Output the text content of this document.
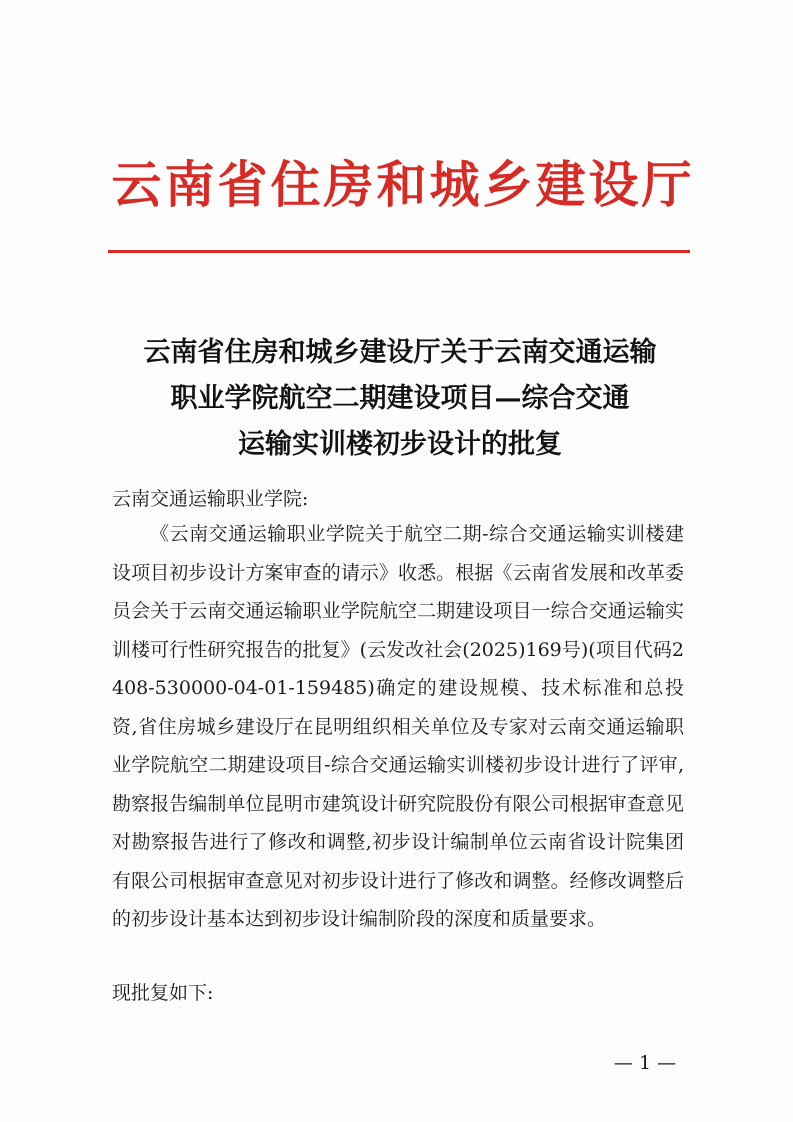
云南省住房和城乡建设厅
云南省住房和城乡建设厅关于云南交通运输
职业学院航空二期建设项目—综合交通
运输实训楼初步设计的批复
云南交通运输职业学院:
《云南交通运输职业学院关于航空二期-综合交通运输实训楼建设项目初步设计方案审查的请示》收悉。根据《云南省发展和改革委员会关于云南交通运输职业学院航空二期建设项目一综合交通运输实训楼可行性研究报告的批复》(云发改社会(2025)169号)(项目代码2408-530000-04-01-159485)确定的建设规模、技术标准和总投资,省住房城乡建设厅在昆明组织相关单位及专家对云南交通运输职业学院航空二期建设项目-综合交通运输实训楼初步设计进行了评审,勘察报告编制单位昆明市建筑设计研究院股份有限公司根据审查意见对勘察报告进行了修改和调整,初步设计编制单位云南省设计院集团有限公司根据审查意见对初步设计进行了修改和调整。经修改调整后的初步设计基本达到初步设计编制阶段的深度和质量要求。
现批复如下:
— 1 —
